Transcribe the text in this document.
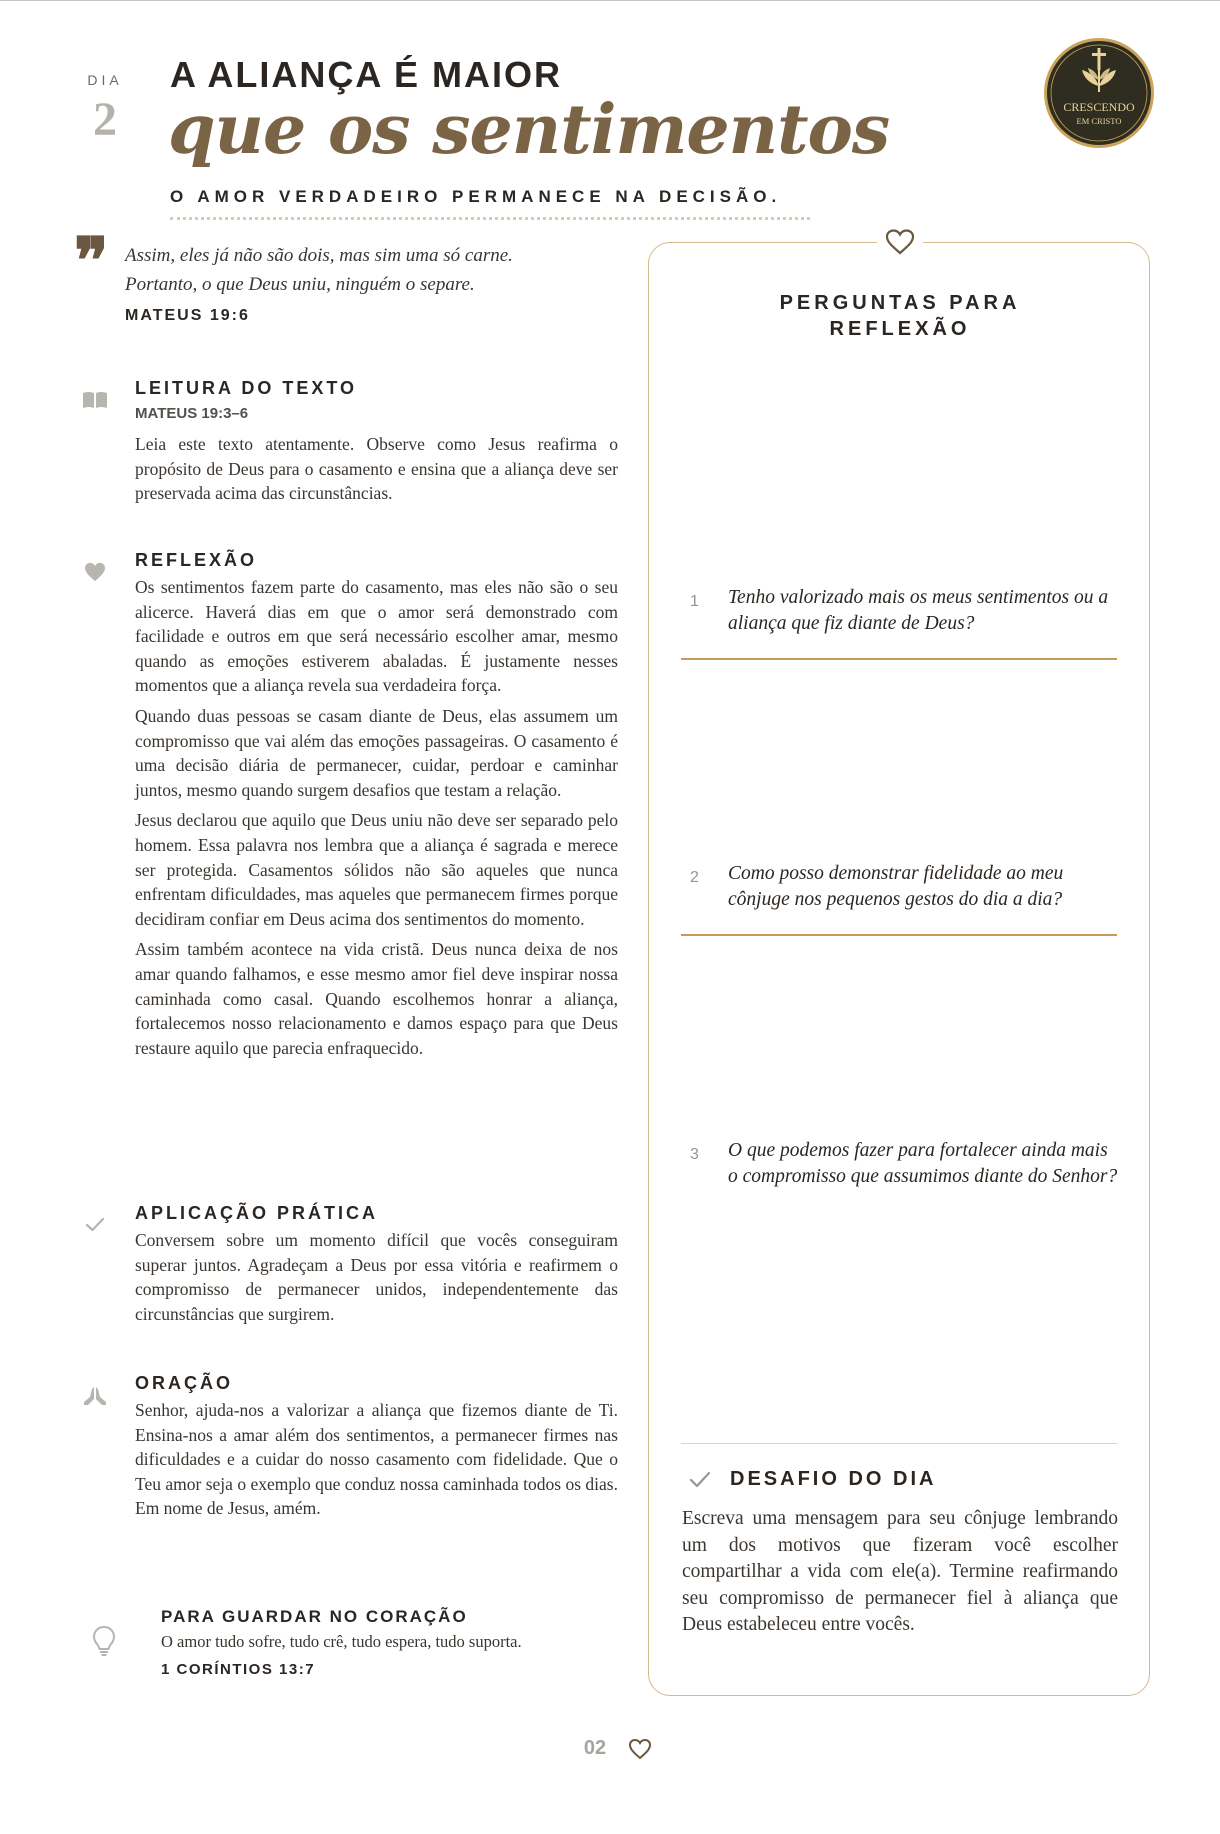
DIA
2
A ALIANÇA É MAIOR
que os sentimentos
O AMOR VERDADEIRO PERMANECE NA DECISÃO.
CRESCENDO
EM CRISTO
❞ Assim, eles já não são dois, mas sim uma só carne.
Portanto, o que Deus uniu, ninguém o separe.
MATEUS 19:6
LEITURA DO TEXTO
MATEUS 19:3–6
Leia este texto atentamente. Observe como Jesus reafirma o propósito de Deus para o casamento e ensina que a aliança deve ser preservada acima das circunstâncias.
REFLEXÃO

Os sentimentos fazem parte do casamento, mas eles não são o seu alicerce. Haverá dias em que o amor será demonstrado com facilidade e outros em que será necessário escolher amar, mesmo quando as emoções estiverem abaladas. É justamente nesses momentos que a aliança revela sua verdadeira força.

Quando duas pessoas se casam diante de Deus, elas assumem um compromisso que vai além das emoções passageiras. O casamento é uma decisão diária de permanecer, cuidar, perdoar e caminhar juntos, mesmo quando surgem desafios que testam a relação.

Jesus declarou que aquilo que Deus uniu não deve ser separado pelo homem. Essa palavra nos lembra que a aliança é sagrada e merece ser protegida. Casamentos sólidos não são aqueles que nunca enfrentam dificuldades, mas aqueles que permanecem firmes porque decidiram confiar em Deus acima dos sentimentos do momento.

Assim também acontece na vida cristã. Deus nunca deixa de nos amar quando falhamos, e esse mesmo amor fiel deve inspirar nossa caminhada como casal. Quando escolhemos honrar a aliança, fortalecemos nosso relacionamento e damos espaço para que Deus restaure aquilo que parecia enfraquecido.

APLICAÇÃO PRÁTICA
Conversem sobre um momento difícil que vocês conseguiram superar juntos. Agradeçam a Deus por essa vitória e reafirmem o compromisso de permanecer unidos, independentemente das circunstâncias que surgirem.
ORAÇÃO
Senhor, ajuda-nos a valorizar a aliança que fizemos diante de Ti. Ensina-nos a amar além dos sentimentos, a permanecer firmes nas dificuldades e a cuidar do nosso casamento com fidelidade. Que o Teu amor seja o exemplo que conduz nossa caminhada todos os dias. Em nome de Jesus, amém.
PARA GUARDAR NO CORAÇÃO
O amor tudo sofre, tudo crê, tudo espera, tudo suporta.
1 CORÍNTIOS 13:7
PERGUNTAS PARA
REFLEXÃO
1 Tenho valorizado mais os meus sentimentos ou a aliança que fiz diante de Deus?
2 Como posso demonstrar fidelidade ao meu cônjuge nos pequenos gestos do dia a dia?
3 O que podemos fazer para fortalecer ainda mais o compromisso que assumimos diante do Senhor?
DESAFIO DO DIA
Escreva uma mensagem para seu cônjuge lembrando um dos motivos que fizeram você escolher compartilhar a vida com ele(a). Termine reafirmando seu compromisso de permanecer fiel à aliança que Deus estabeleceu entre vocês.
02
